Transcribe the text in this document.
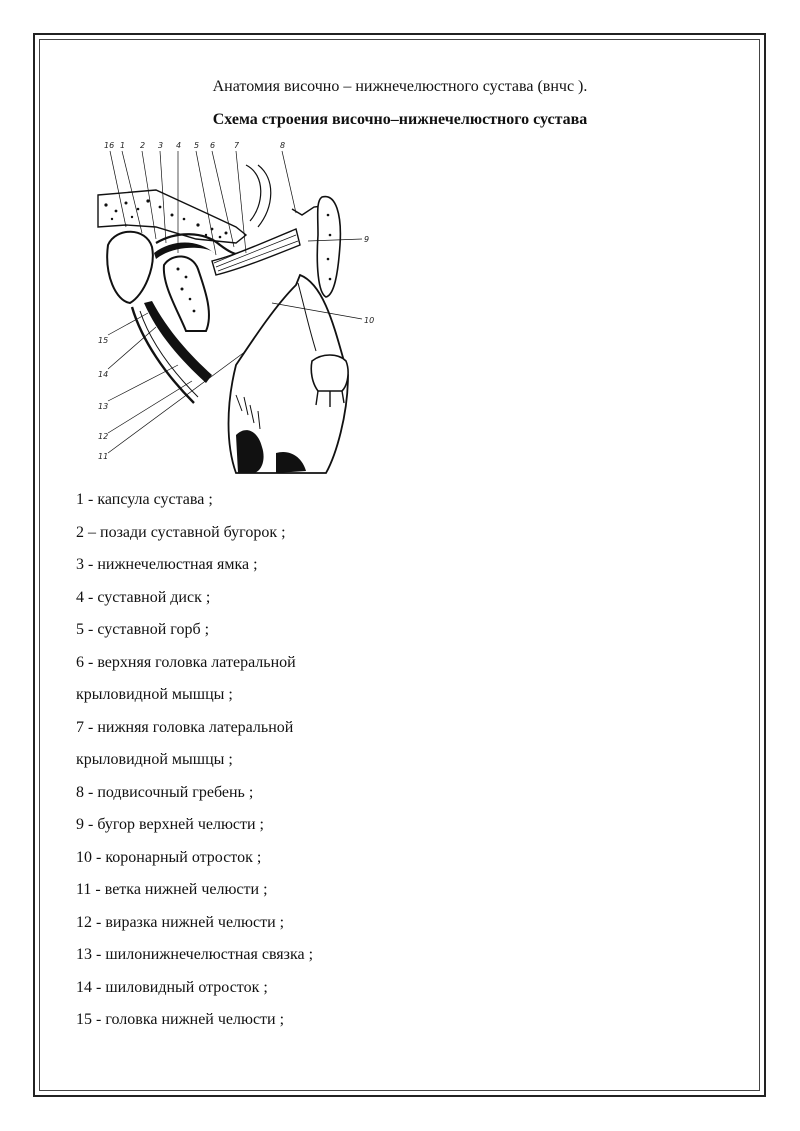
Анатомия височно – нижнечелюстного сустава (внчс ).
Схема строения височно–нижнечелюстного сустава
16 1 2 3 4 5 6 7	8
9
10
15
14
13
12
11
1 - капсула сустава ;
2 – позади суставной бугорок ;
3 - нижнечелюстная ямка ;
4 - суставной диск ;
5 - суставной горб ;
6 - верхняя головка латеральной
крыловидной мышцы ;
7 - нижняя головка латеральной
крыловидной мышцы ;
8 - подвисочный гребень ;
9 - бугор верхней челюсти ;
10 - коронарный отросток ;
11 - ветка нижней челюсти ;
12 - виразка нижней челюсти ;
13 - шилонижнечелюстная связка ;
14 - шиловидный отросток ;
15 - головка нижней челюсти ;
